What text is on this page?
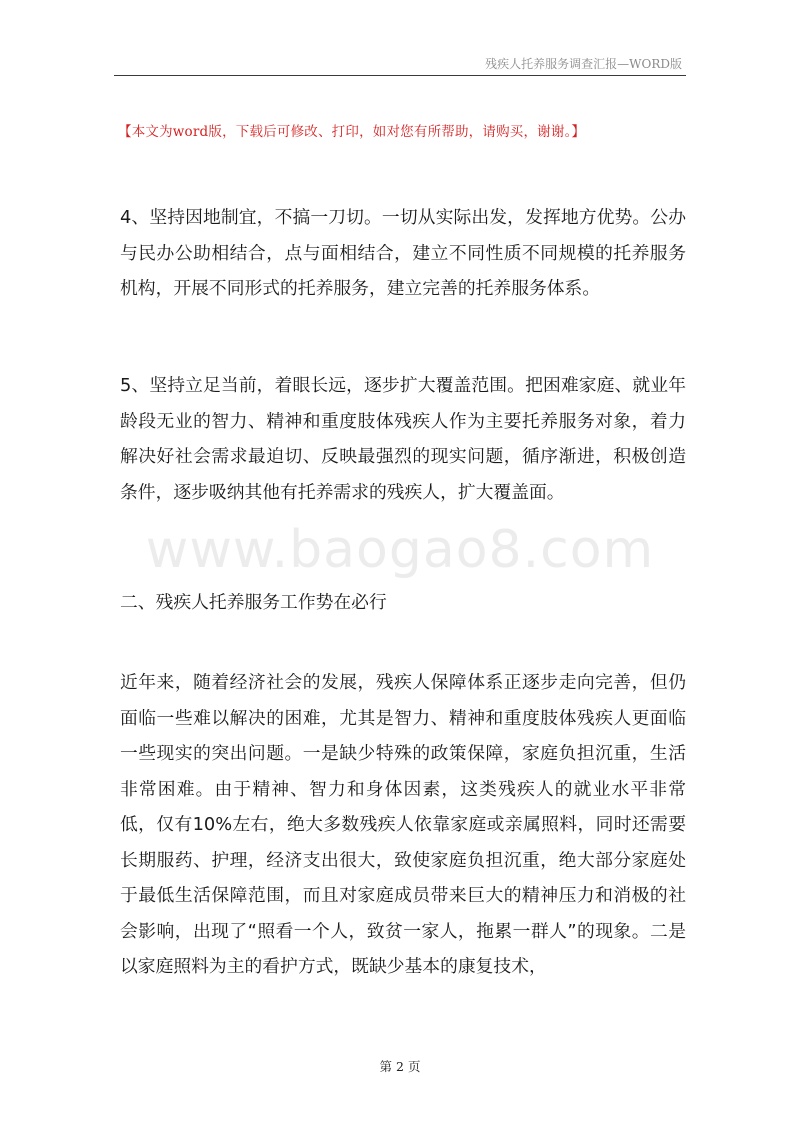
残疾人托养服务调查汇报—WORD版
【本文为word版，下载后可修改、打印，如对您有所帮助，请购买，谢谢。】

4、坚持因地制宜，不搞一刀切。一切从实际出发，发挥地方优势。公办与民办公助相结合，点与面相结合，建立不同性质不同规模的托养服务机构，开展不同形式的托养服务，建立完善的托养服务体系。

5、坚持立足当前，着眼长远，逐步扩大覆盖范围。把困难家庭、就业年龄段无业的智力、精神和重度肢体残疾人作为主要托养服务对象，着力解决好社会需求最迫切、反映最强烈的现实问题，循序渐进，积极创造条件，逐步吸纳其他有托养需求的残疾人，扩大覆盖面。

www.baogao8.com

二、残疾人托养服务工作势在必行

近年来，随着经济社会的发展，残疾人保障体系正逐步走向完善，但仍面临一些难以解决的困难，尤其是智力、精神和重度肢体残疾人更面临一些现实的突出问题。一是缺少特殊的政策保障，家庭负担沉重，生活非常困难。由于精神、智力和身体因素，这类残疾人的就业水平非常低，仅有10%左右，绝大多数残疾人依靠家庭或亲属照料，同时还需要长期服药、护理，经济支出很大，致使家庭负担沉重，绝大部分家庭处于最低生活保障范围，而且对家庭成员带来巨大的精神压力和消极的社会影响，出现了“照看一个人，致贫一家人，拖累一群人”的现象。二是以家庭照料为主的看护方式，既缺少基本的康复技术，

第 2 页
